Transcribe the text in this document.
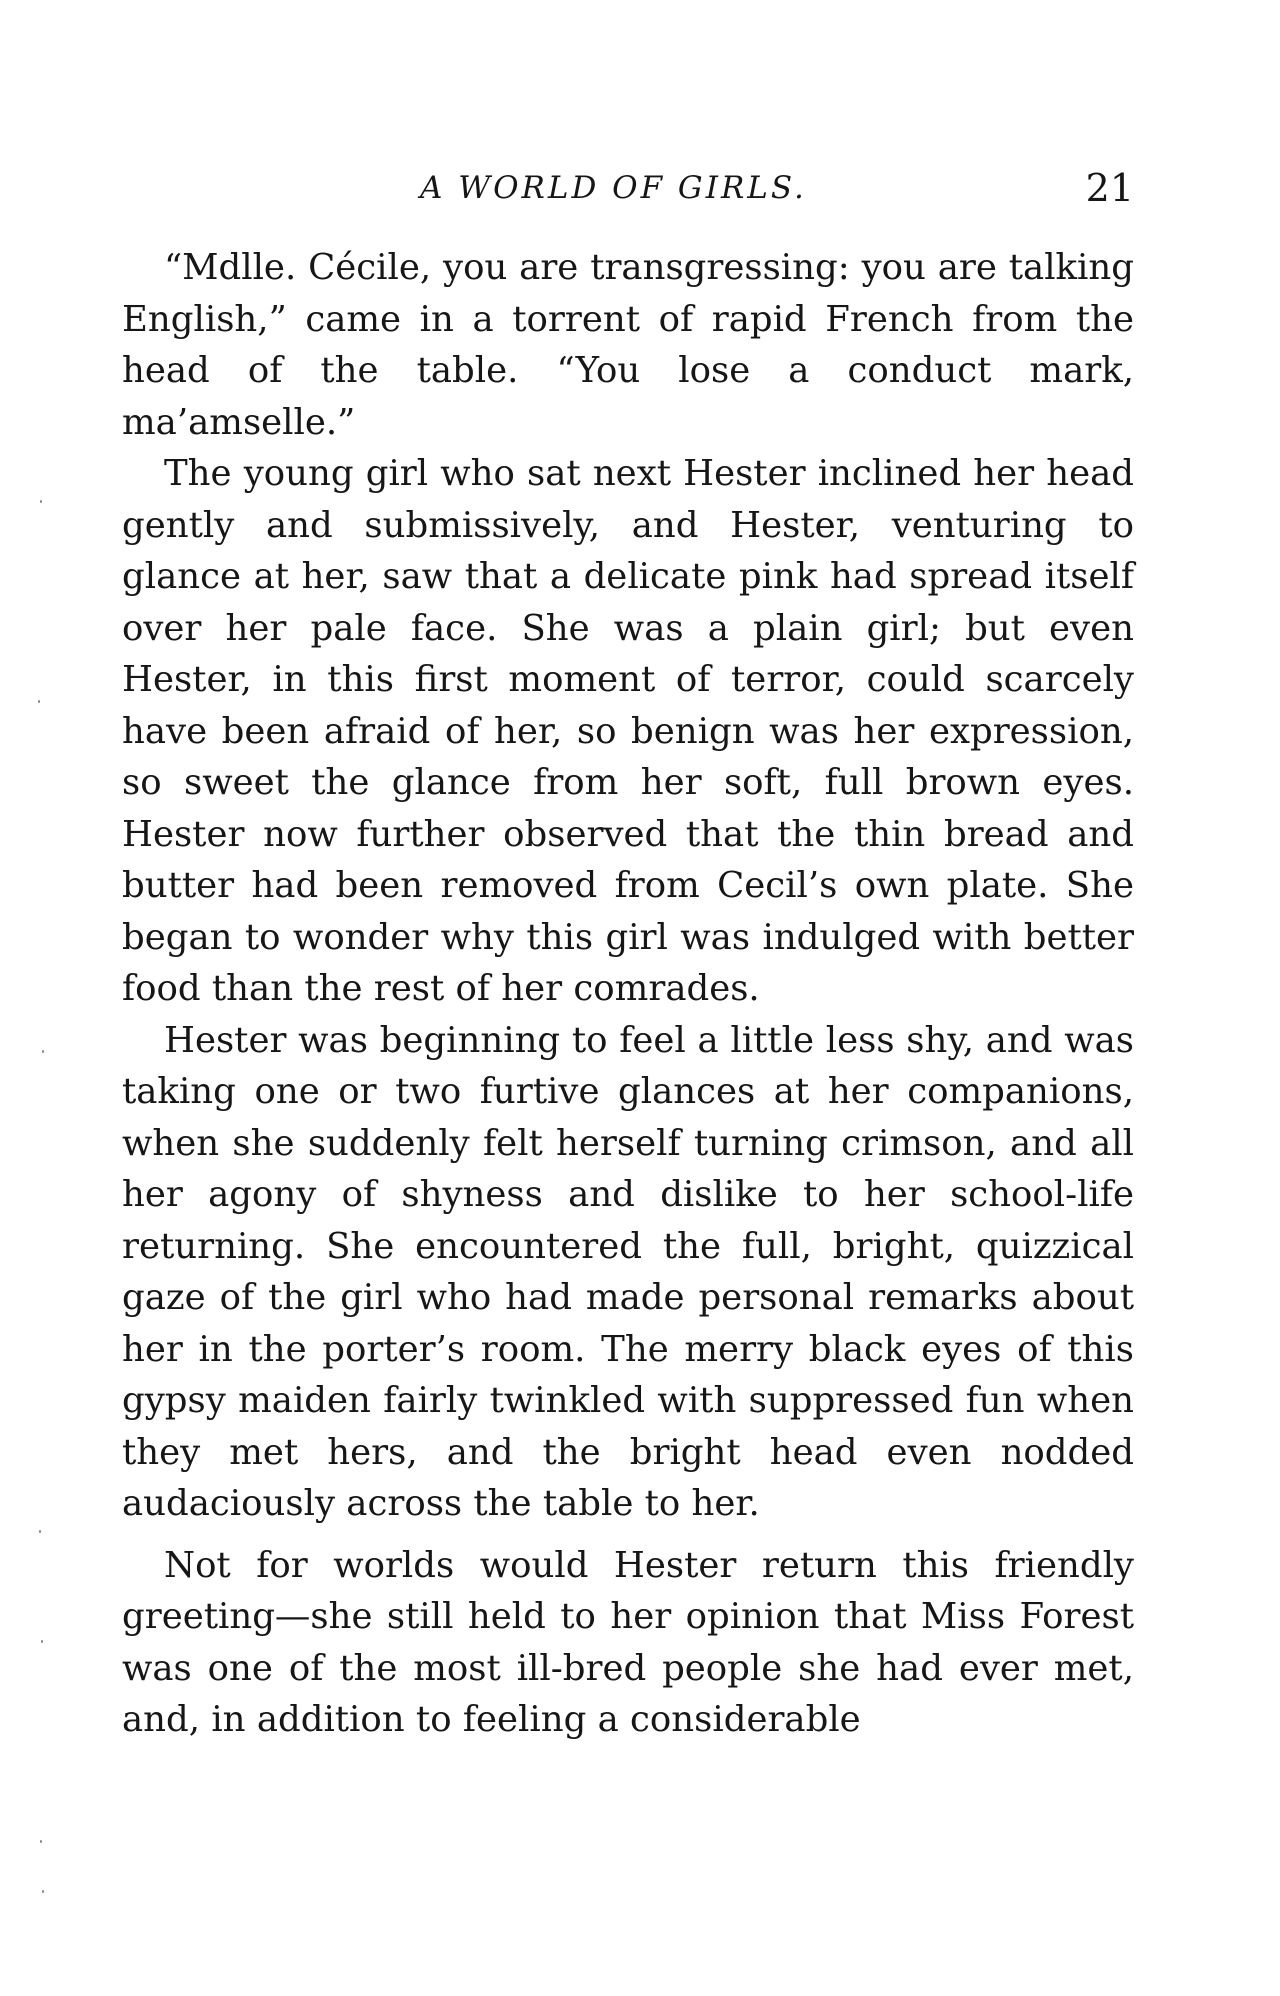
A WORLD OF GIRLS.	21

“Mdlle. Cécile, you are transgressing: you are talking English,” came in a torrent of rapid French from the head of the table. “You lose a conduct mark, ma’amselle.”

The young girl who sat next Hester inclined her head gently and submissively, and Hester, venturing to glance at her, saw that a delicate pink had spread itself over her pale face. She was a plain girl; but even Hester, in this first moment of terror, could scarcely have been afraid of her, so benign was her expression, so sweet the glance from her soft, full brown eyes. Hester now further observed that the thin bread and butter had been removed from Cecil’s own plate. She began to wonder why this girl was indulged with better food than the rest of her comrades.

Hester was beginning to feel a little less shy, and was taking one or two furtive glances at her companions, when she suddenly felt herself turning crimson, and all her agony of shyness and dislike to her school-life returning. She encountered the full, bright, quizzical gaze of the girl who had made personal remarks about her in the porter’s room. The merry black eyes of this gypsy maiden fairly twinkled with suppressed fun when they met hers, and the bright head even nodded audaciously across the table to her.

Not for worlds would Hester return this friendly greeting—she still held to her opinion that Miss Forest was one of the most ill-bred people she had ever met, and, in addition to feeling a considerable
